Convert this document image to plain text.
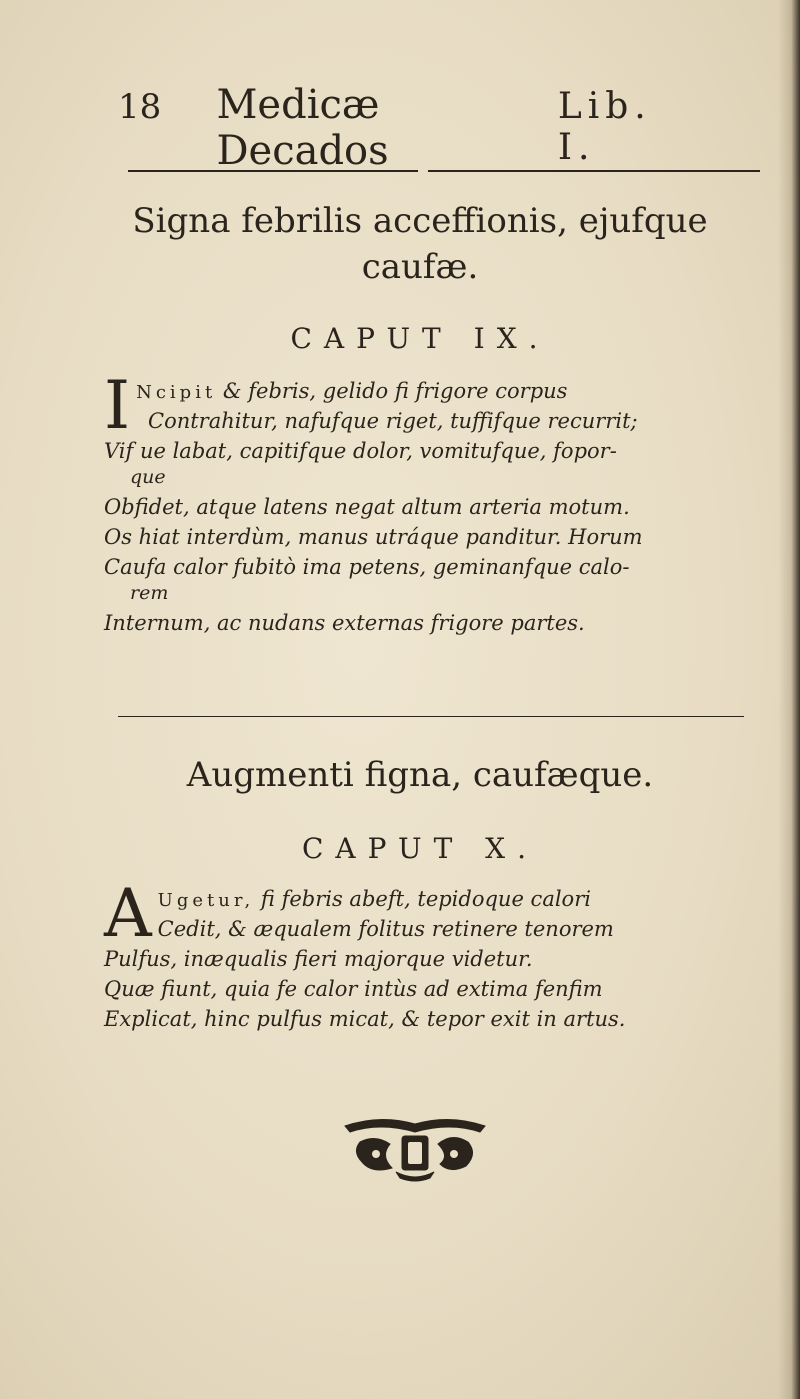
18	Medicæ Decados
Lib. I.
Signa febrilis acceffionis, ejufque
caufæ.
CAPUT IX.
I Ncipit & febris, gelido fi frigore corpus
Contrahitur, nafufque riget, tuffifque recurrit;
Vif ue labat, capitifque dolor, vomitufque, fopor-
que
Obfidet, atque latens negat altum arteria motum.
Os hiat interdùm, manus utráque panditur. Horum
Caufa calor fubitò ima petens, geminanfque calo-
rem
Internum, ac nudans externas frigore partes.
Augmenti figna, caufæque.
CAPUT X.
A Ugetur, fi febris abeft, tepidoque calori
Cedit, & æqualem folitus retinere tenorem
Pulfus, inæqualis fieri majorque videtur.
Quæ fiunt, quia fe calor intùs ad extima fenfim
Explicat, hinc pulfus micat, & tepor exit in artus.
